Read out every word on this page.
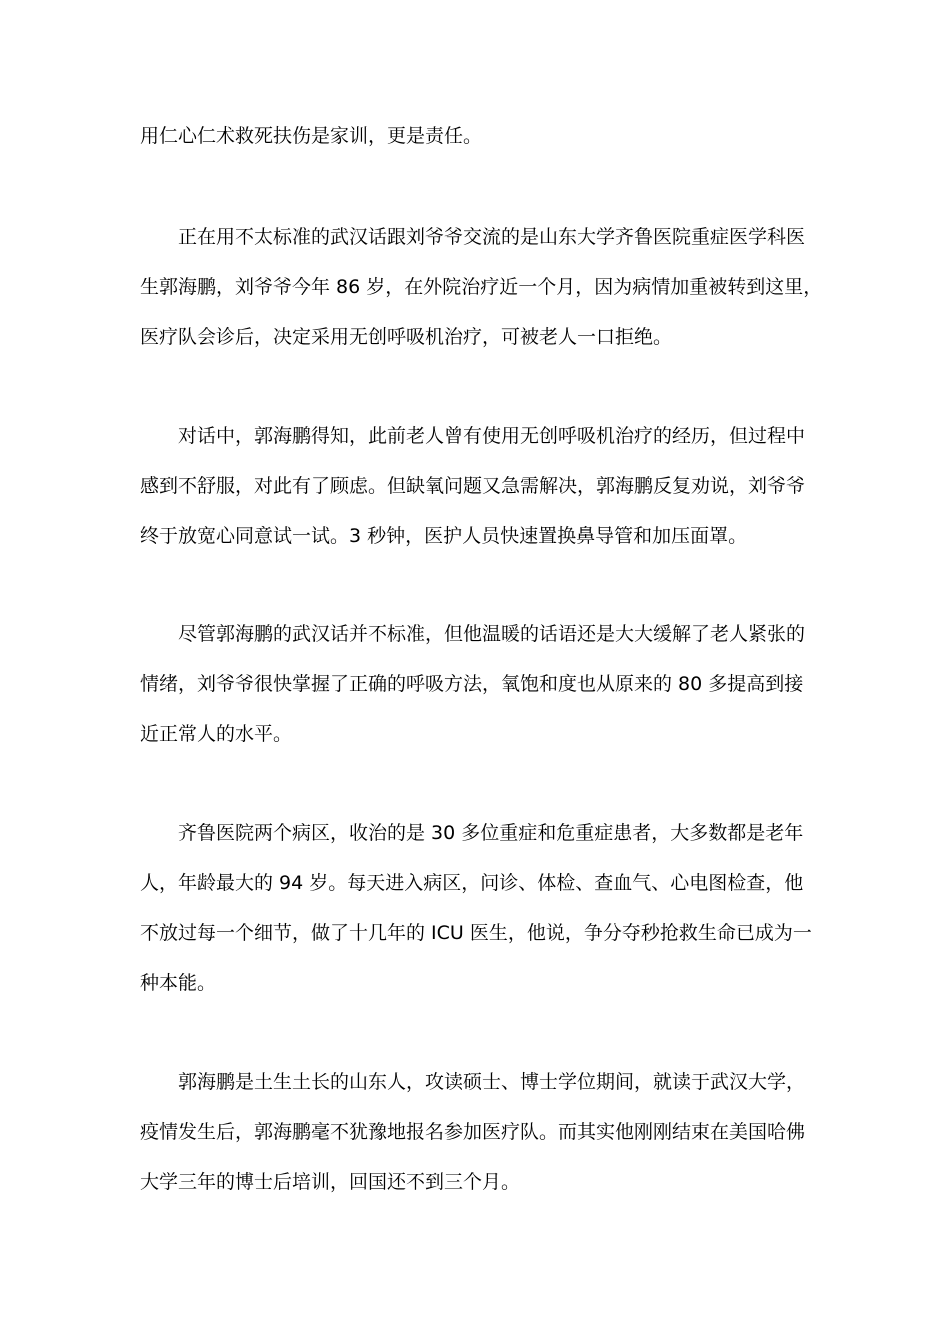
用仁心仁术救死扶伤是家训，更是责任。

正在用不太标准的武汉话跟刘爷爷交流的是山东大学齐鲁医院重症医学科医
生郭海鹏，刘爷爷今年 86 岁，在外院治疗近一个月，因为病情加重被转到这里，
医疗队会诊后，决定采用无创呼吸机治疗，可被老人一口拒绝。

对话中，郭海鹏得知，此前老人曾有使用无创呼吸机治疗的经历，但过程中
感到不舒服，对此有了顾虑。但缺氧问题又急需解决，郭海鹏反复劝说，刘爷爷
终于放宽心同意试一试。3 秒钟，医护人员快速置换鼻导管和加压面罩。

尽管郭海鹏的武汉话并不标准，但他温暖的话语还是大大缓解了老人紧张的
情绪，刘爷爷很快掌握了正确的呼吸方法，氧饱和度也从原来的 80 多提高到接
近正常人的水平。

齐鲁医院两个病区，收治的是 30 多位重症和危重症患者，大多数都是老年
人，年龄最大的 94 岁。每天进入病区，问诊、体检、查血气、心电图检查，他
不放过每一个细节，做了十几年的 ICU 医生，他说，争分夺秒抢救生命已成为一
种本能。

郭海鹏是土生土长的山东人，攻读硕士、博士学位期间，就读于武汉大学，
疫情发生后，郭海鹏毫不犹豫地报名参加医疗队。而其实他刚刚结束在美国哈佛
大学三年的博士后培训，回国还不到三个月。
